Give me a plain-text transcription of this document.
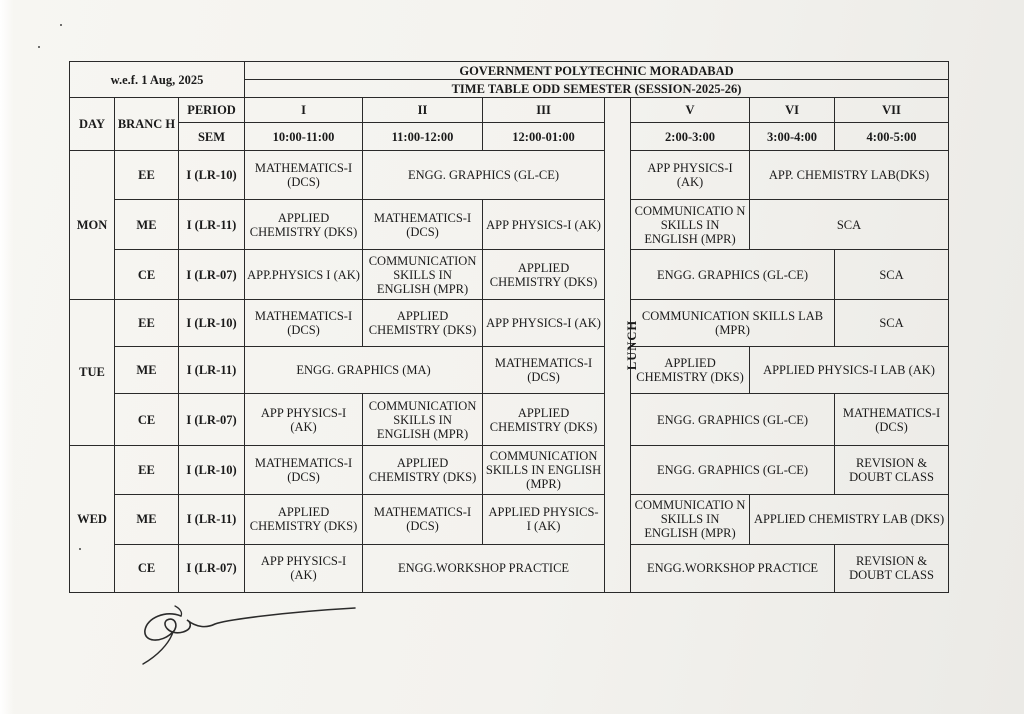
w.e.f. 1 Aug, 2025			GOVERNMENT POLYTECHNIC MORADABAD						
			TIME TABLE ODD SEMESTER (SESSION-2025-26)						
DAY	BRANC H	PERIOD	I	II	III	LUNCH	V	VI	VII
		SEM	10:00-11:00	11:00-12:00	12:00-01:00		2:00-3:00	3:00-4:00	4:00-5:00
MON	EE	I (LR-10)	MATHEMATICS-I (DCS)	ENGG. GRAPHICS (GL-CE)			APP PHYSICS-I (AK)	APP. CHEMISTRY LAB(DKS)	
	ME	I (LR-11)	APPLIED CHEMISTRY (DKS)	MATHEMATICS-I (DCS)	APP PHYSICS-I (AK)		COMMUNICATIO N SKILLS IN ENGLISH (MPR)	SCA	
	CE	I (LR-07)	APP.PHYSICS I (AK)	COMMUNICATION SKILLS IN ENGLISH (MPR)	APPLIED CHEMISTRY (DKS)		ENGG. GRAPHICS (GL-CE)		SCA
TUE	EE	I (LR-10)	MATHEMATICS-I (DCS)	APPLIED CHEMISTRY (DKS)	APP PHYSICS-I (AK)		COMMUNICATION SKILLS LAB (MPR)		SCA
	ME	I (LR-11)	ENGG. GRAPHICS (MA)		MATHEMATICS-I (DCS)		APPLIED CHEMISTRY (DKS)	APPLIED PHYSICS-I LAB (AK)	
	CE	I (LR-07)	APP PHYSICS-I (AK)	COMMUNICATION SKILLS IN ENGLISH (MPR)	APPLIED CHEMISTRY (DKS)		ENGG. GRAPHICS (GL-CE)		MATHEMATICS-I (DCS)
WED	EE	I (LR-10)	MATHEMATICS-I (DCS)	APPLIED CHEMISTRY (DKS)	COMMUNICATION SKILLS IN ENGLISH (MPR)		ENGG. GRAPHICS (GL-CE)		REVISION & DOUBT CLASS
	ME	I (LR-11)	APPLIED CHEMISTRY (DKS)	MATHEMATICS-I (DCS)	APPLIED PHYSICS- I (AK)		COMMUNICATIO N SKILLS IN ENGLISH (MPR)	APPLIED CHEMISTRY LAB (DKS)	
	CE	I (LR-07)	APP PHYSICS-I (AK)	ENGG.WORKSHOP PRACTICE			ENGG.WORKSHOP PRACTICE		REVISION & DOUBT CLASS
